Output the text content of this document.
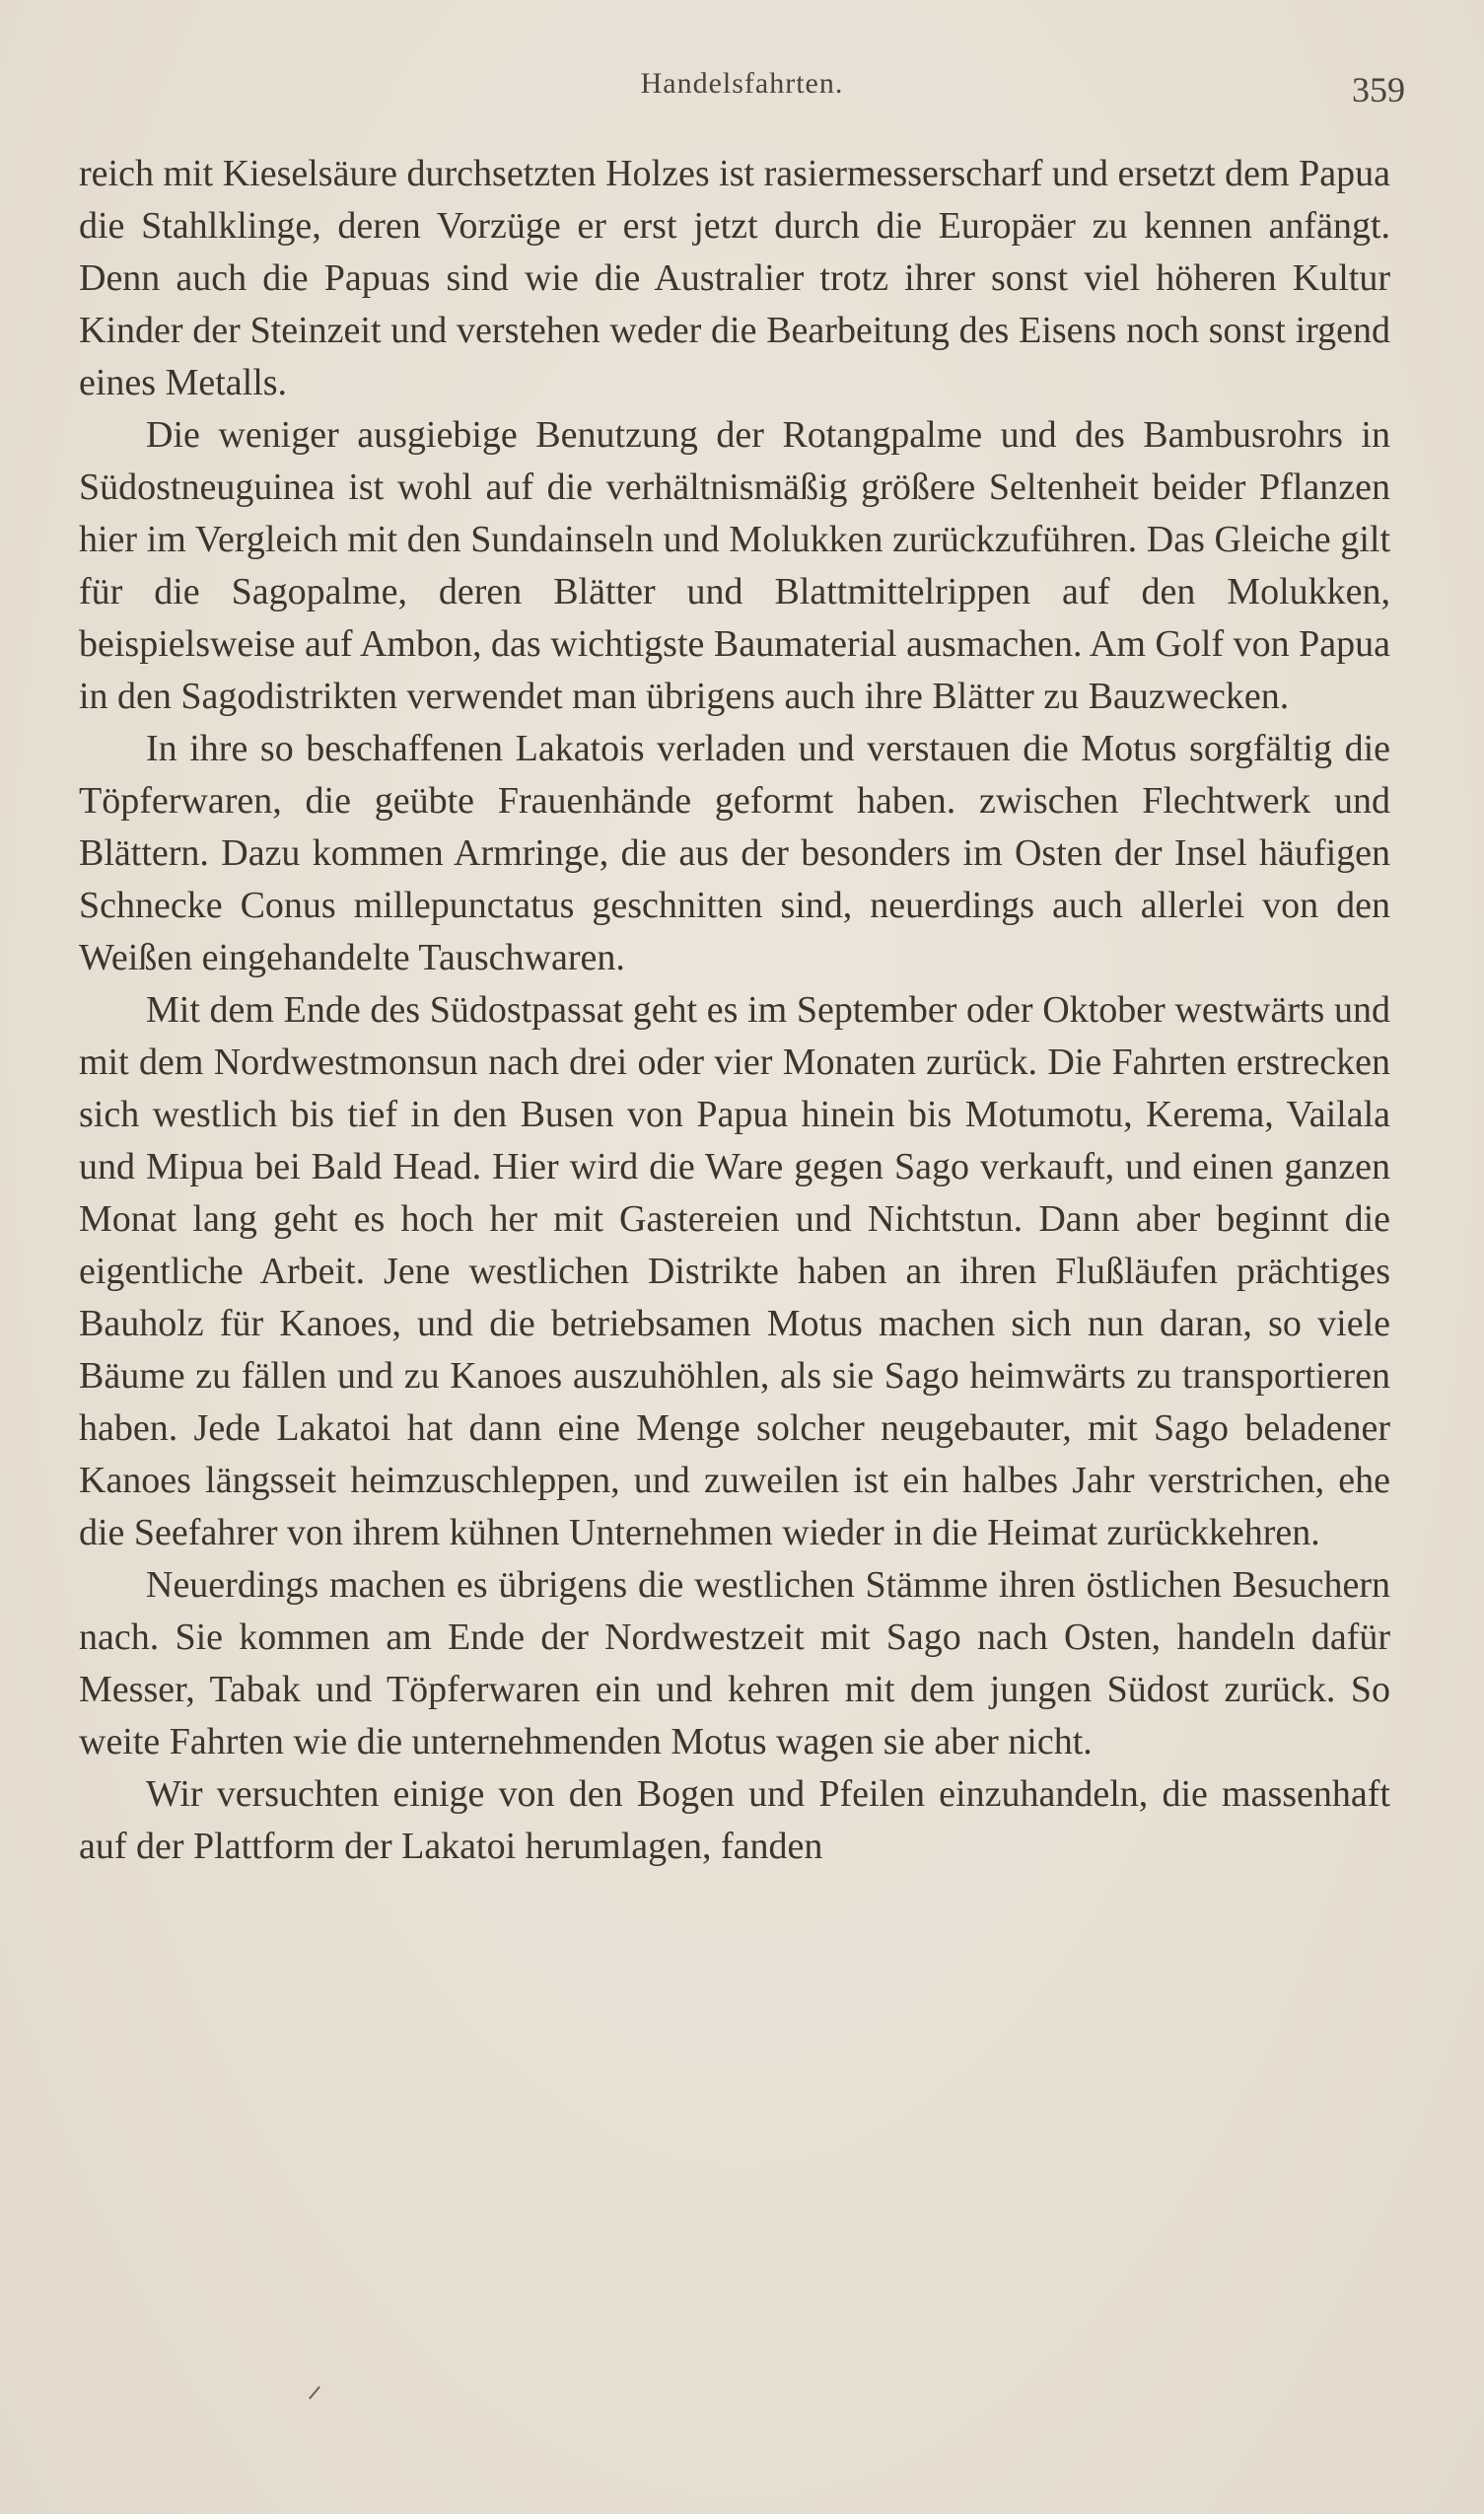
Handelsfahrten.	359

reich mit Kieselsäure durchsetzten Holzes ist rasiermesserscharf und ersetzt dem Papua die Stahlklinge, deren Vorzüge er erst jetzt durch die Europäer zu kennen anfängt. Denn auch die Papuas sind wie die Australier trotz ihrer sonst viel höheren Kultur Kinder der Steinzeit und verstehen weder die Bearbeitung des Eisens noch sonst irgend eines Metalls.

Die weniger ausgiebige Benutzung der Rotangpalme und des Bambusrohrs in Südostneuguinea ist wohl auf die verhältnismäßig größere Seltenheit beider Pflanzen hier im Vergleich mit den Sundainseln und Molukken zurückzuführen. Das Gleiche gilt für die Sagopalme, deren Blätter und Blattmittelrippen auf den Molukken, beispielsweise auf Ambon, das wichtigste Baumaterial ausmachen. Am Golf von Papua in den Sagodistrikten verwendet man übrigens auch ihre Blätter zu Bauzwecken.

In ihre so beschaffenen Lakatois verladen und verstauen die Motus sorgfältig die Töpferwaren, die geübte Frauenhände geformt haben. zwischen Flechtwerk und Blättern. Dazu kommen Armringe, die aus der besonders im Osten der Insel häufigen Schnecke Conus millepunctatus geschnitten sind, neuerdings auch allerlei von den Weißen eingehandelte Tauschwaren.

Mit dem Ende des Südostpassat geht es im September oder Oktober westwärts und mit dem Nordwestmonsun nach drei oder vier Monaten zurück. Die Fahrten erstrecken sich westlich bis tief in den Busen von Papua hinein bis Motumotu, Kerema, Vailala und Mipua bei Bald Head. Hier wird die Ware gegen Sago verkauft, und einen ganzen Monat lang geht es hoch her mit Gastereien und Nichtstun. Dann aber beginnt die eigentliche Arbeit. Jene westlichen Distrikte haben an ihren Flußläufen prächtiges Bauholz für Kanoes, und die betriebsamen Motus machen sich nun daran, so viele Bäume zu fällen und zu Kanoes auszuhöhlen, als sie Sago heimwärts zu transportieren haben. Jede Lakatoi hat dann eine Menge solcher neugebauter, mit Sago beladener Kanoes längsseit heimzuschleppen, und zuweilen ist ein halbes Jahr verstrichen, ehe die Seefahrer von ihrem kühnen Unternehmen wieder in die Heimat zurückkehren.

Neuerdings machen es übrigens die westlichen Stämme ihren östlichen Besuchern nach. Sie kommen am Ende der Nordwestzeit mit Sago nach Osten, handeln dafür Messer, Tabak und Töpferwaren ein und kehren mit dem jungen Südost zurück. So weite Fahrten wie die unternehmenden Motus wagen sie aber nicht.

Wir versuchten einige von den Bogen und Pfeilen einzuhandeln, die massenhaft auf der Plattform der Lakatoi herumlagen, fanden
